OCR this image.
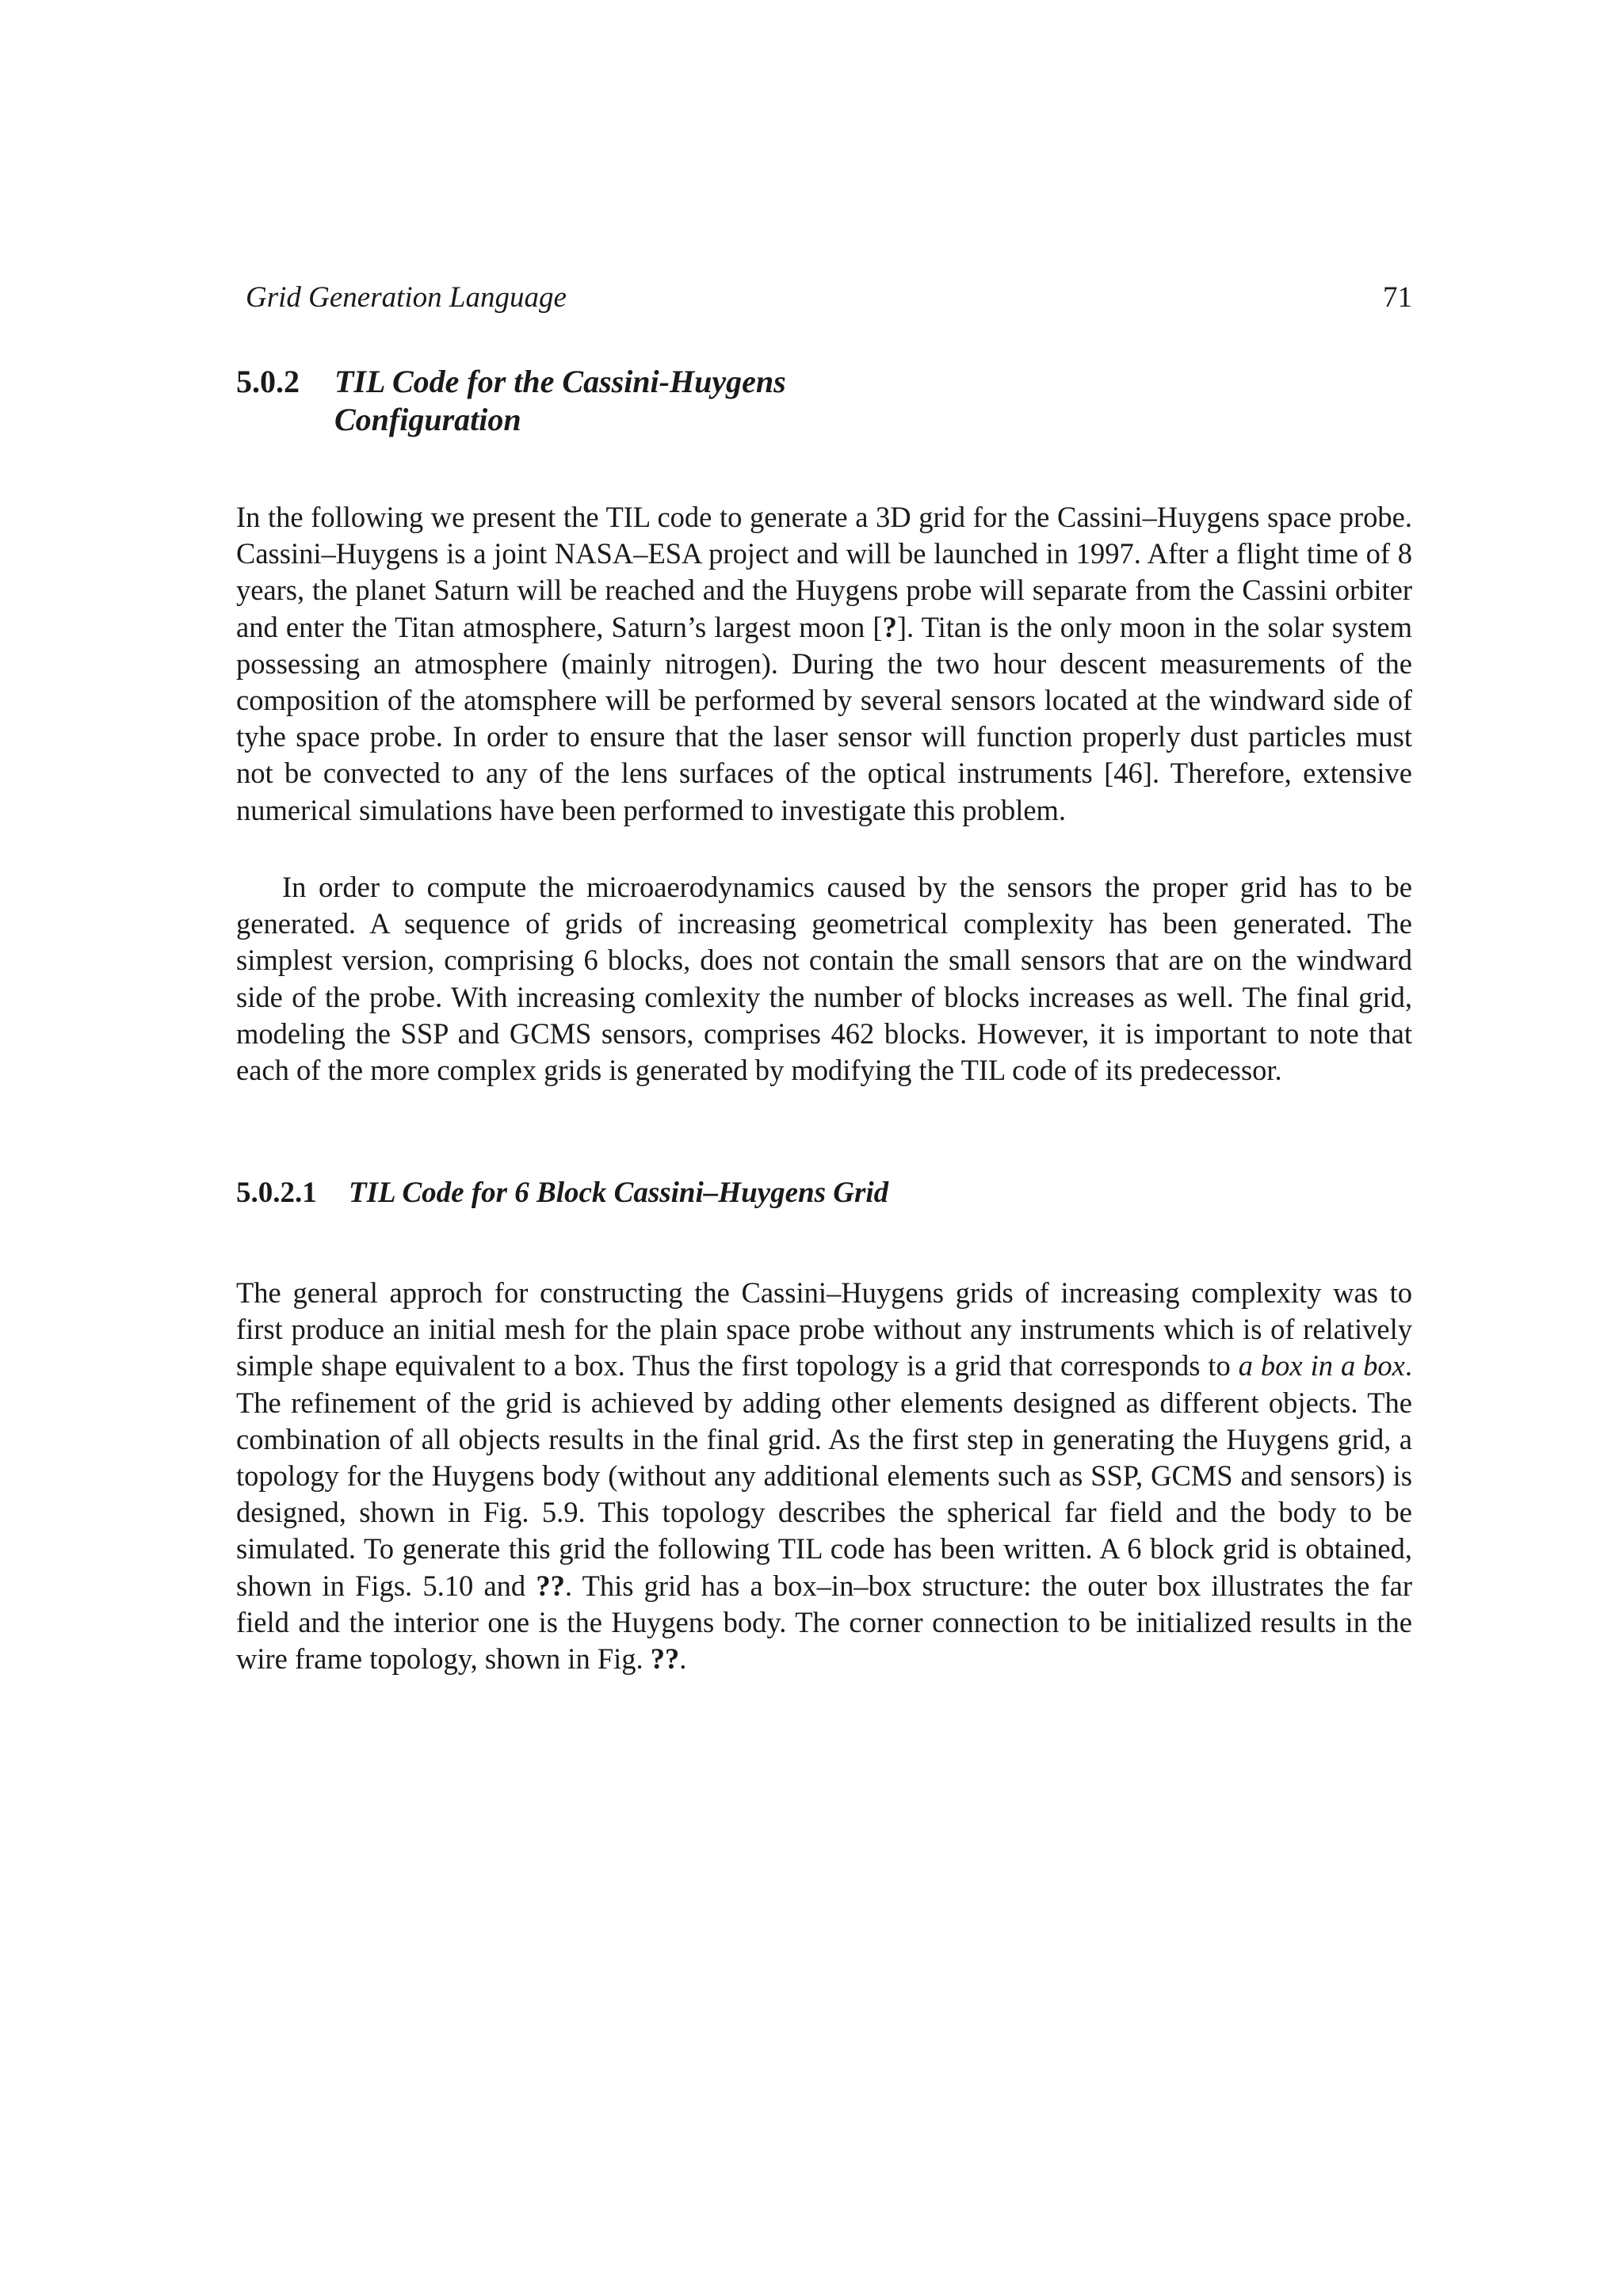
Grid Generation Language	71
5.0.2 TIL Code for the Cassini-Huygens Configuration

In the following we present the TIL code to generate a 3D grid for the Cassini–Huygens space probe. Cassini–Huygens is a joint NASA–ESA project and will be launched in 1997. After a flight time of 8 years, the planet Saturn will be reached and the Huygens probe will separate from the Cassini orbiter and enter the Titan atmosphere, Saturn’s largest moon [?]. Titan is the only moon in the solar system possessing an atmosphere (mainly nitrogen). During the two hour descent measurements of the composition of the atomsphere will be performed by several sensors located at the windward side of tyhe space probe. In order to ensure that the laser sensor will function properly dust particles must not be convected to any of the lens surfaces of the optical instruments [46]. Therefore, extensive numerical simulations have been performed to investigate this problem.

In order to compute the microaerodynamics caused by the sensors the proper grid has to be generated. A sequence of grids of increasing geometrical complexity has been generated. The simplest version, comprising 6 blocks, does not contain the small sensors that are on the windward side of the probe. With increasing comlexity the number of blocks increases as well. The final grid, modeling the SSP and GCMS sensors, comprises 462 blocks. However, it is important to note that each of the more complex grids is generated by modifying the TIL code of its predecessor.

5.0.2.1 TIL Code for 6 Block Cassini–Huygens Grid

The general approch for constructing the Cassini–Huygens grids of increasing complexity was to first produce an initial mesh for the plain space probe without any instruments which is of relatively simple shape equivalent to a box. Thus the first topology is a grid that corresponds to a box in a box. The refinement of the grid is achieved by adding other elements designed as different objects. The combination of all objects results in the final grid. As the first step in generating the Huygens grid, a topology for the Huygens body (without any additional elements such as SSP, GCMS and sensors) is designed, shown in Fig. 5.9. This topology describes the spherical far field and the body to be simulated. To generate this grid the following TIL code has been written. A 6 block grid is obtained, shown in Figs. 5.10 and ??. This grid has a box–in–box structure: the outer box illustrates the far field and the interior one is the Huygens body. The corner connection to be initialized results in the wire frame topology, shown in Fig. ??.
